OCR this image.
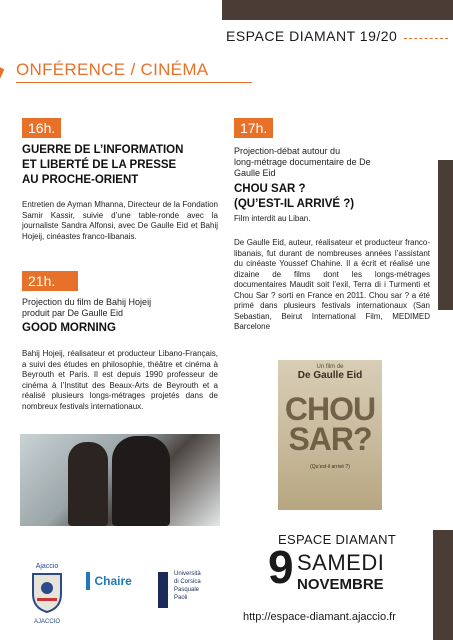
ESPACE DIAMANT 19/20
ONFÉRENCE / CINÉMA
16h.
GUERRE DE L’INFORMATION
ET LIBERTÉ DE LA PRESSE
AU PROCHE-ORIENT
Entretien de Ayman Mhanna, Directeur de la Fondation Samir Kassir, suivie d’une table-ronde avec la journaliste Sandra Alfonsi, avec De Gaulle Eid et Bahij Hojeij, cinéastes franco-libanais.
21h.
Projection du film de Bahij Hojeij
produit par De Gaulle Eid
GOOD MORNING
Bahij Hojeij, réalisateur et producteur Libano-Français, a suivi des études en philosophie, théâtre et cinéma à Beyrouth et Paris. Il est depuis 1990 professeur de cinéma à l’Institut des Beaux-Arts de Beyrouth et a réalisé plusieurs longs-métrages projetés dans de nombreux festivals internationaux.
17h.
Projection-débat autour du
long-métrage documentaire de De
Gaulle Eid
CHOU SAR ?
(QU’EST-IL ARRIVÉ ?)
Film interdit au Liban.
De Gaulle Eid, auteur, réalisateur et producteur franco-libanais, fut durant de nombreuses années l’assistant du cinéaste Youssef Chahine. Il a écrit et réalisé une dizaine de films dont les longs-métrages documentaires Maudit soit l’exil, Terra di i Turmenti et Chou Sar ? sorti en France en 2011. Chou sar ? a été primé dans plusieurs festivals internationaux (San Sebastian, Beirut International Film, MEDIMED Barcelone
Un film de
De Gaulle Eid
CHOU
SAR?
(Qu’est-il arrivé ?)
ESPACE DIAMANT
9 SAMEDI
NOVEMBRE
http://espace-diamant.ajaccio.fr
Ajaccio
AJACCIO
Chaire	Università
di Corsica
Pasquale
Paoli
